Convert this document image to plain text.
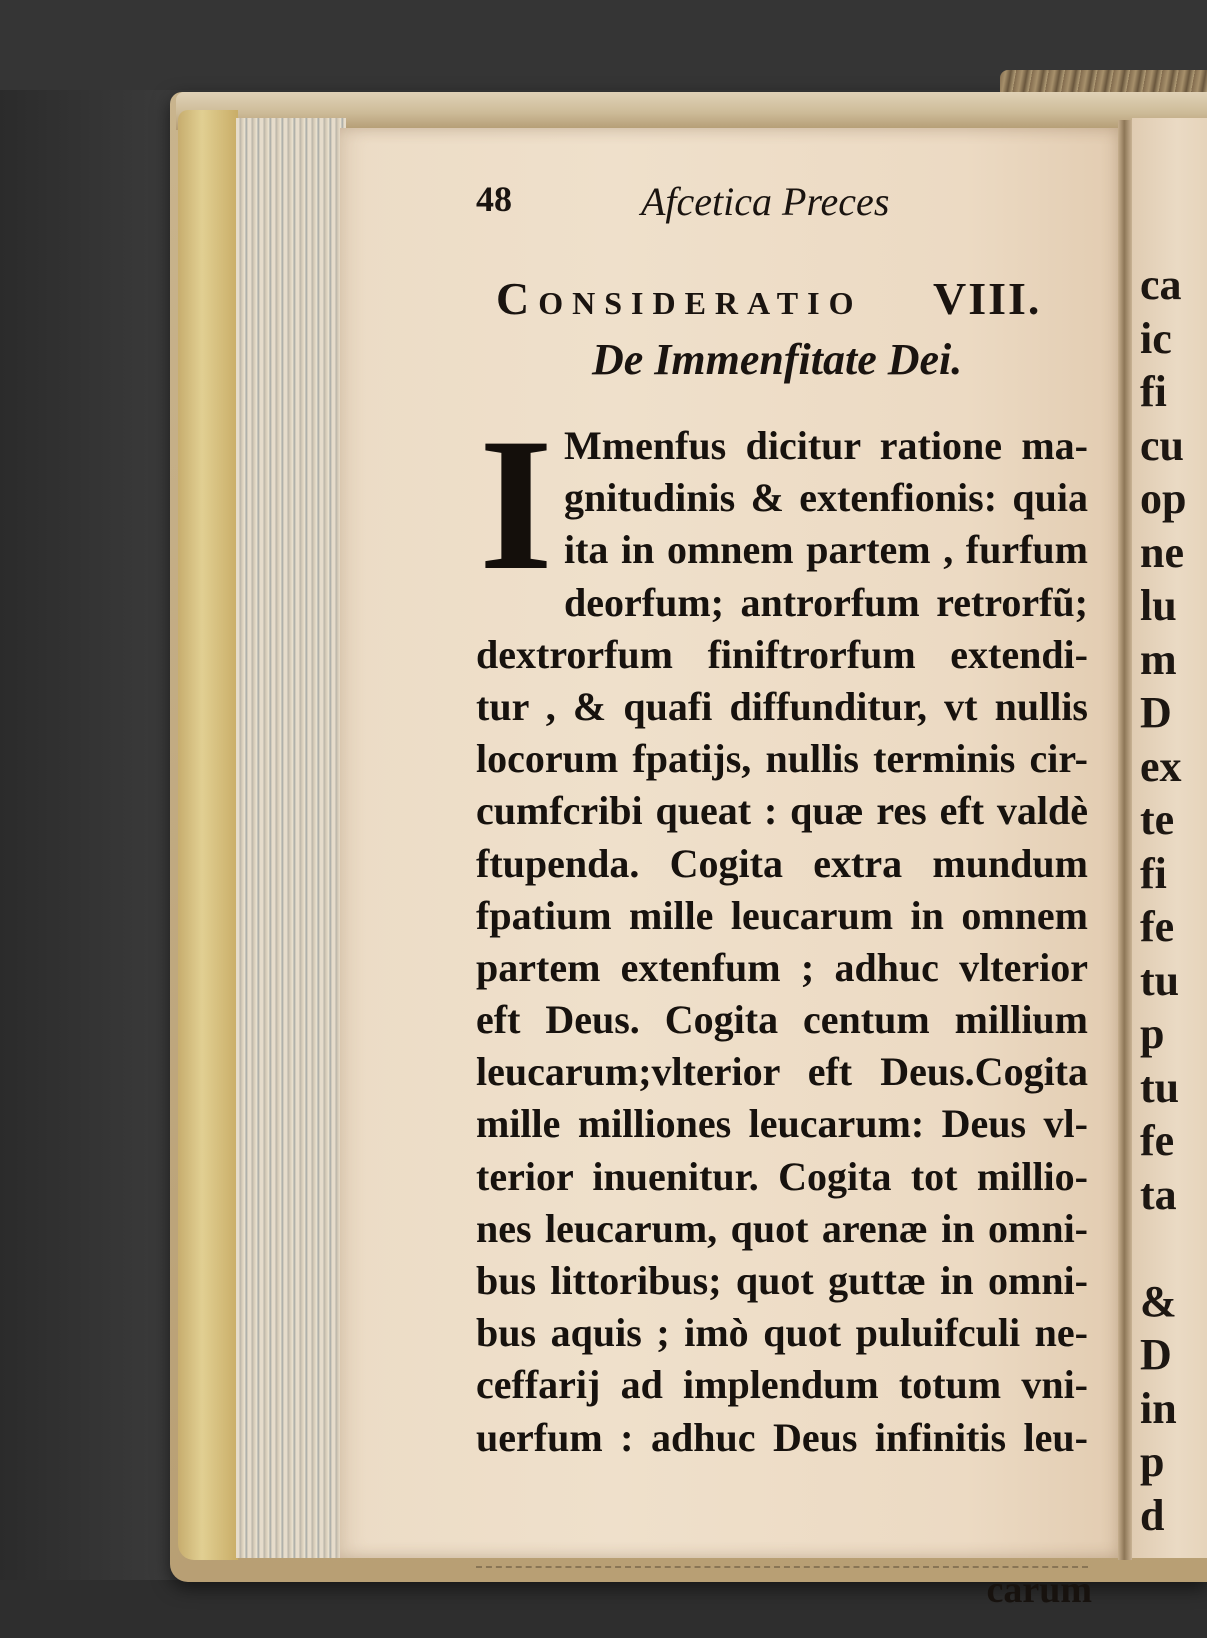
ca
ic
fi
cu
op
ne
lu
m
D
ex
te
fi
fe
tu
p
tu
fe
ta
&
D
in
p
d
48	Afcetica Preces
Consideratio VIII.
De Immenfitate Dei.
I Mmenfus dicitur ratione ma-
gnitudinis & extenfionis: quia
ita in omnem partem , furfum
deorfum; antrorfum retrorfũ;
dextrorfum finiftrorfum extendi-
tur , & quafi diffunditur, vt nullis
locorum fpatijs, nullis terminis cir-
cumfcribi queat : quæ res eft valdè
ftupenda. Cogita extra mundum
fpatium mille leucarum in omnem
partem extenfum ; adhuc vlterior
eft Deus. Cogita centum millium
leucarum;vlterior eft Deus.Cogita
mille milliones leucarum: Deus vl-
terior inuenitur. Cogita tot millio-
nes leucarum, quot arenæ in omni-
bus littoribus; quot guttæ in omni-
bus aquis ; imò quot puluifculi ne-
ceffarij ad implendum totum vni-
uerfum : adhuc Deus infinitis leu-
carum
